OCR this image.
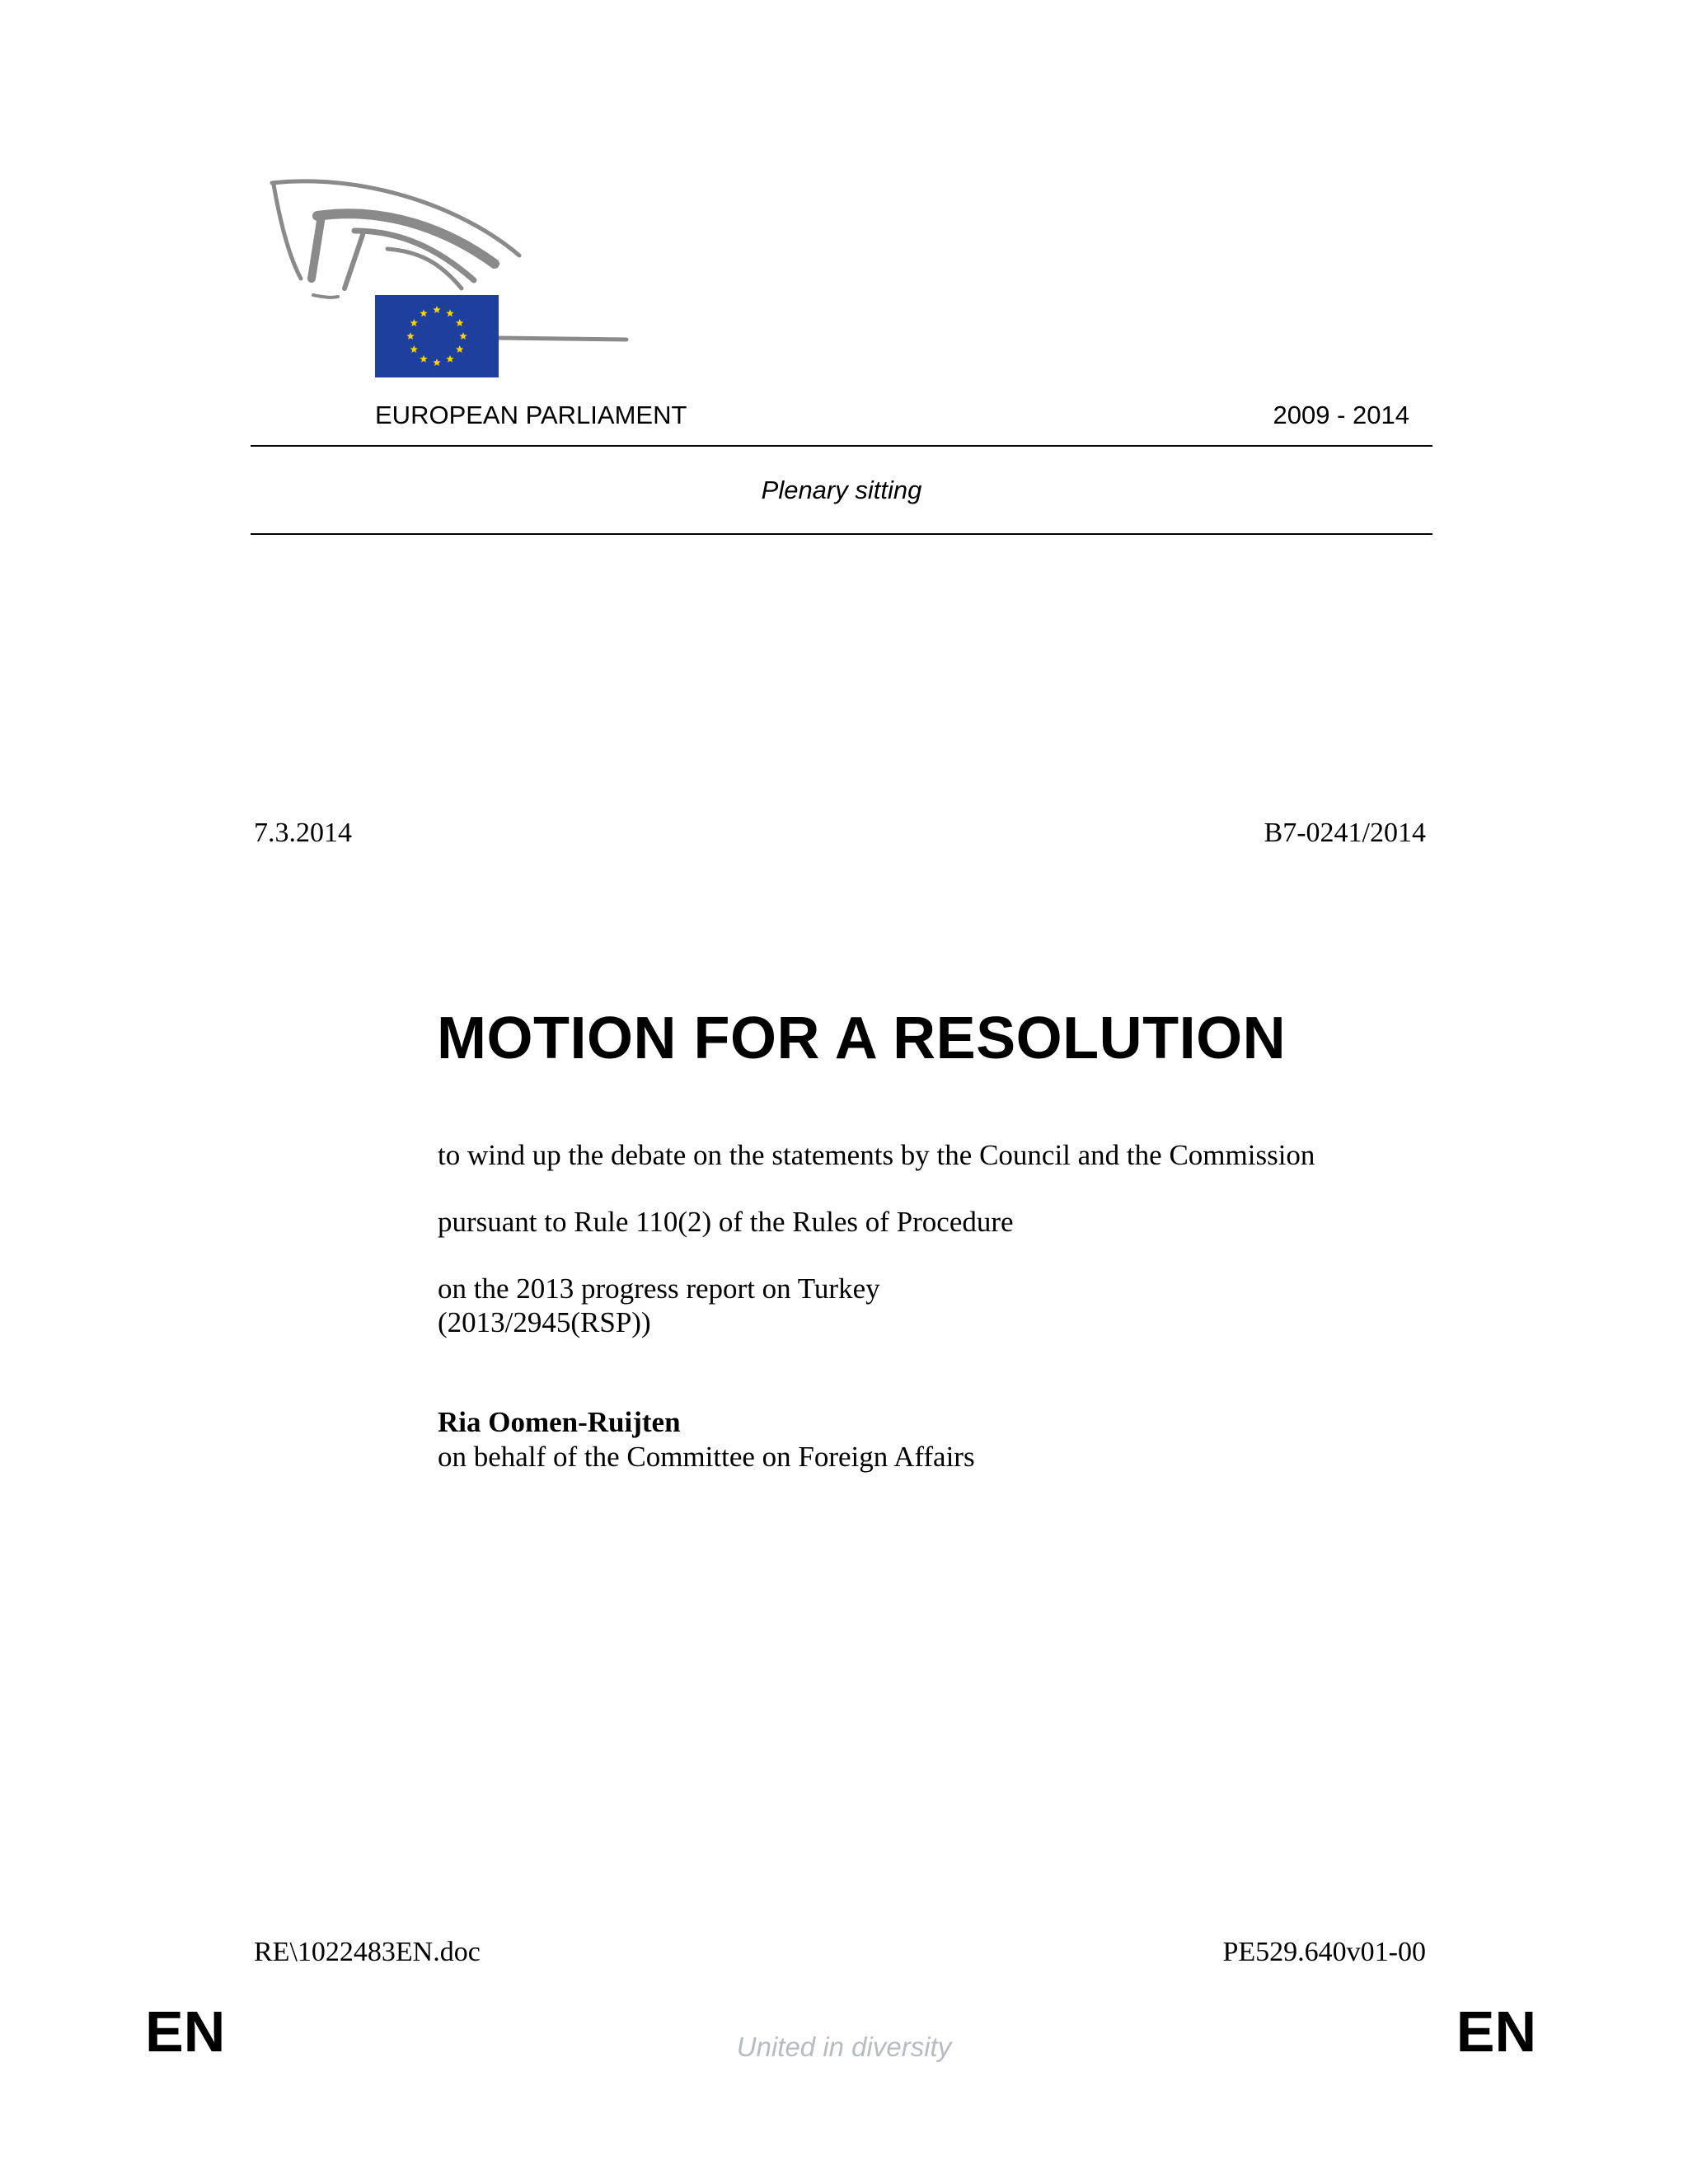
EUROPEAN PARLIAMENT	2009 - 2014
Plenary sitting
7.3.2014	B7-0241/2014
MOTION FOR A RESOLUTION
to wind up the debate on the statements by the Council and the Commission
pursuant to Rule 110(2) of the Rules of Procedure
on the 2013 progress report on Turkey
(2013/2945(RSP))
Ria Oomen-Ruijten
on behalf of the Committee on Foreign Affairs
RE\1022483EN.doc	PE529.640v01-00
EN	United in diversity	EN
